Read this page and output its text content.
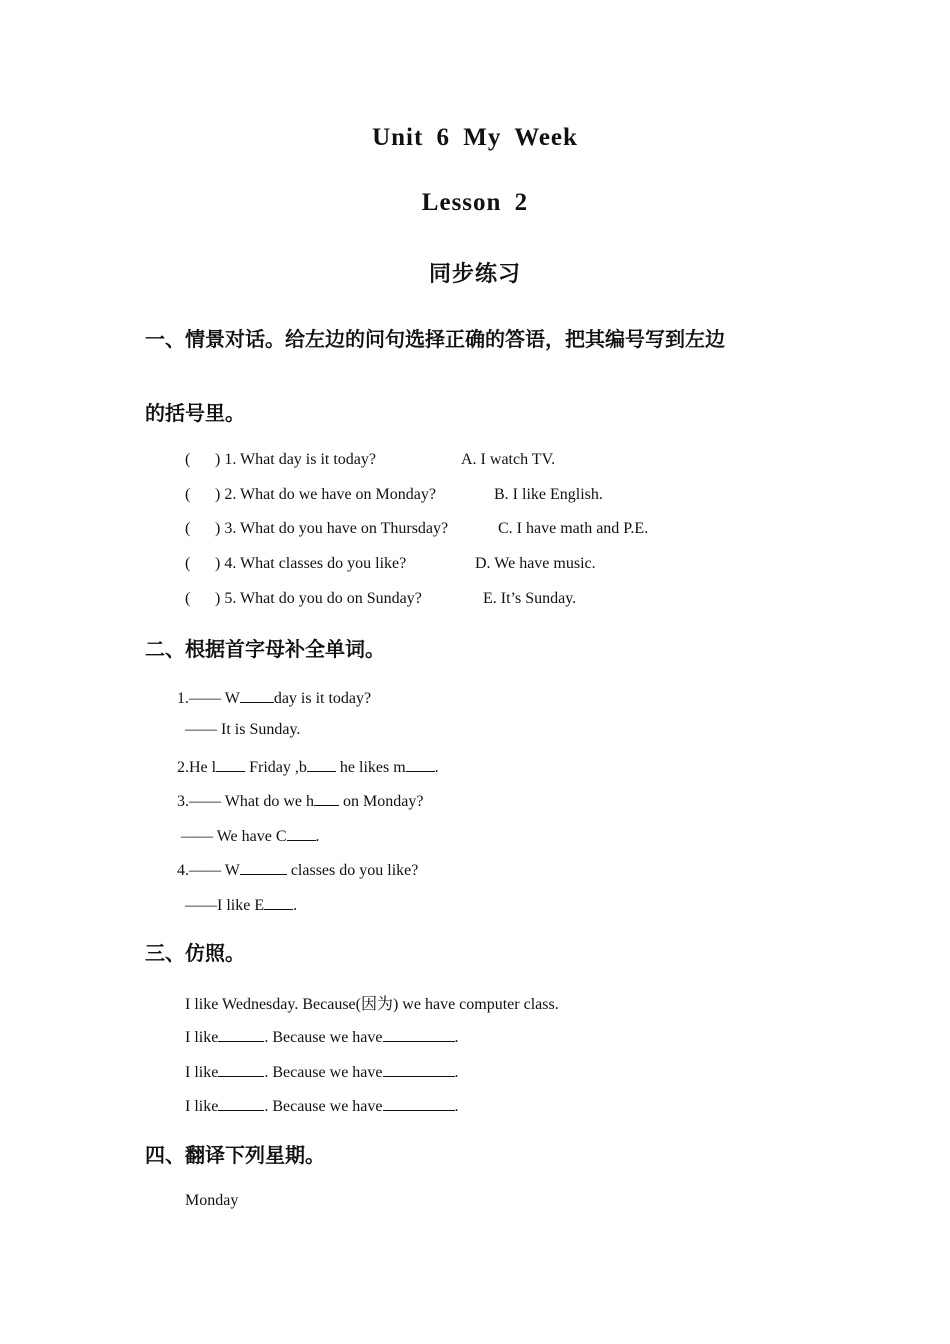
Unit 6 My Week
Lesson 2
同步练习
一、情景对话。给左边的问句选择正确的答语，把其编号写到左边
的括号里。
( ) 1. What day is it today?	A. I watch TV.
( ) 2. What do we have on Monday?	B. I like English.
( ) 3. What do you have on Thursday?	C. I have math and P.E.
( ) 4. What classes do you like?	D. We have music.
( ) 5. What do you do on Sunday?	E. It’s Sunday.
二、根据首字母补全单词。
1.—— W day is it today?
—— It is Sunday.
2.He l Friday ,b he likes m .
3.—— What do we h on Monday?
—— We have C .
4.—— W	classes do you like?
——I like E .
三、仿照。
I like Wednesday. Because(因为) we have computer class.
I like	. Because we have	.
I like	. Because we have	.
I like	. Because we have	.
四、翻译下列星期。
Monday
